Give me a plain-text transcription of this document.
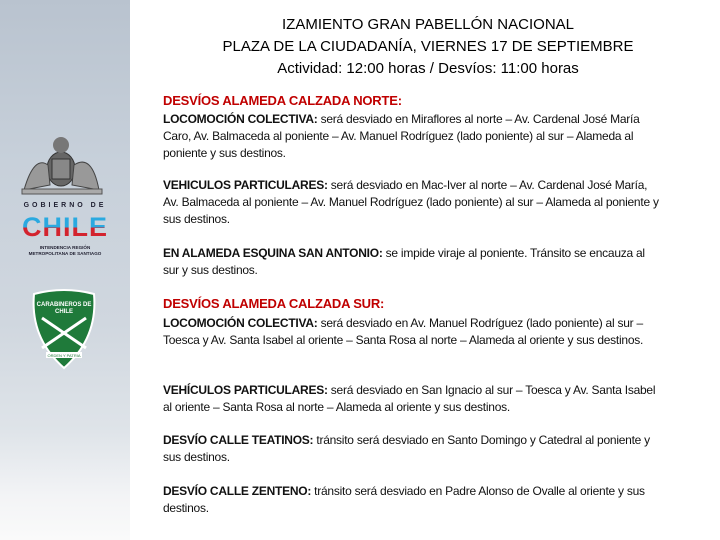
GOBIERNO DE
CHILE
INTENDENCIA REGIÓN
METROPOLITANA DE SANTIAGO
CARABINEROS DE
CHILE
ORDEN Y PATRIA
IZAMIENTO GRAN PABELLÓN NACIONAL
PLAZA DE LA CIUDADANÍA, VIERNES 17 DE SEPTIEMBRE
Actividad: 12:00 horas / Desvíos: 11:00 horas
DESVÍOS ALAMEDA CALZADA NORTE:
LOCOMOCIÓN COLECTIVA: será desviado en Miraflores al norte – Av. Cardenal José María Caro, Av. Balmaceda al poniente – Av. Manuel Rodríguez (lado poniente) al sur – Alameda al poniente y sus destinos.
VEHICULOS PARTICULARES: será desviado en Mac-Iver al norte – Av. Cardenal José María, Av. Balmaceda al poniente – Av. Manuel Rodríguez (lado poniente) al sur – Alameda al poniente y sus destinos.
EN ALAMEDA ESQUINA SAN ANTONIO: se impide viraje al poniente. Tránsito se encauza al sur y sus destinos.
DESVÍOS ALAMEDA CALZADA SUR:
LOCOMOCIÓN COLECTIVA: será desviado en Av. Manuel Rodríguez (lado poniente) al sur – Toesca y Av. Santa Isabel al oriente – Santa Rosa al norte – Alameda al oriente y sus destinos.
VEHÍCULOS PARTICULARES: será desviado en San Ignacio al sur – Toesca y Av. Santa Isabel al oriente – Santa Rosa al norte – Alameda al oriente y sus destinos.
DESVÍO CALLE TEATINOS: tránsito será desviado en Santo Domingo y Catedral al poniente y sus destinos.
DESVÍO CALLE ZENTENO: tránsito será desviado en Padre Alonso de Ovalle al oriente y sus destinos.
